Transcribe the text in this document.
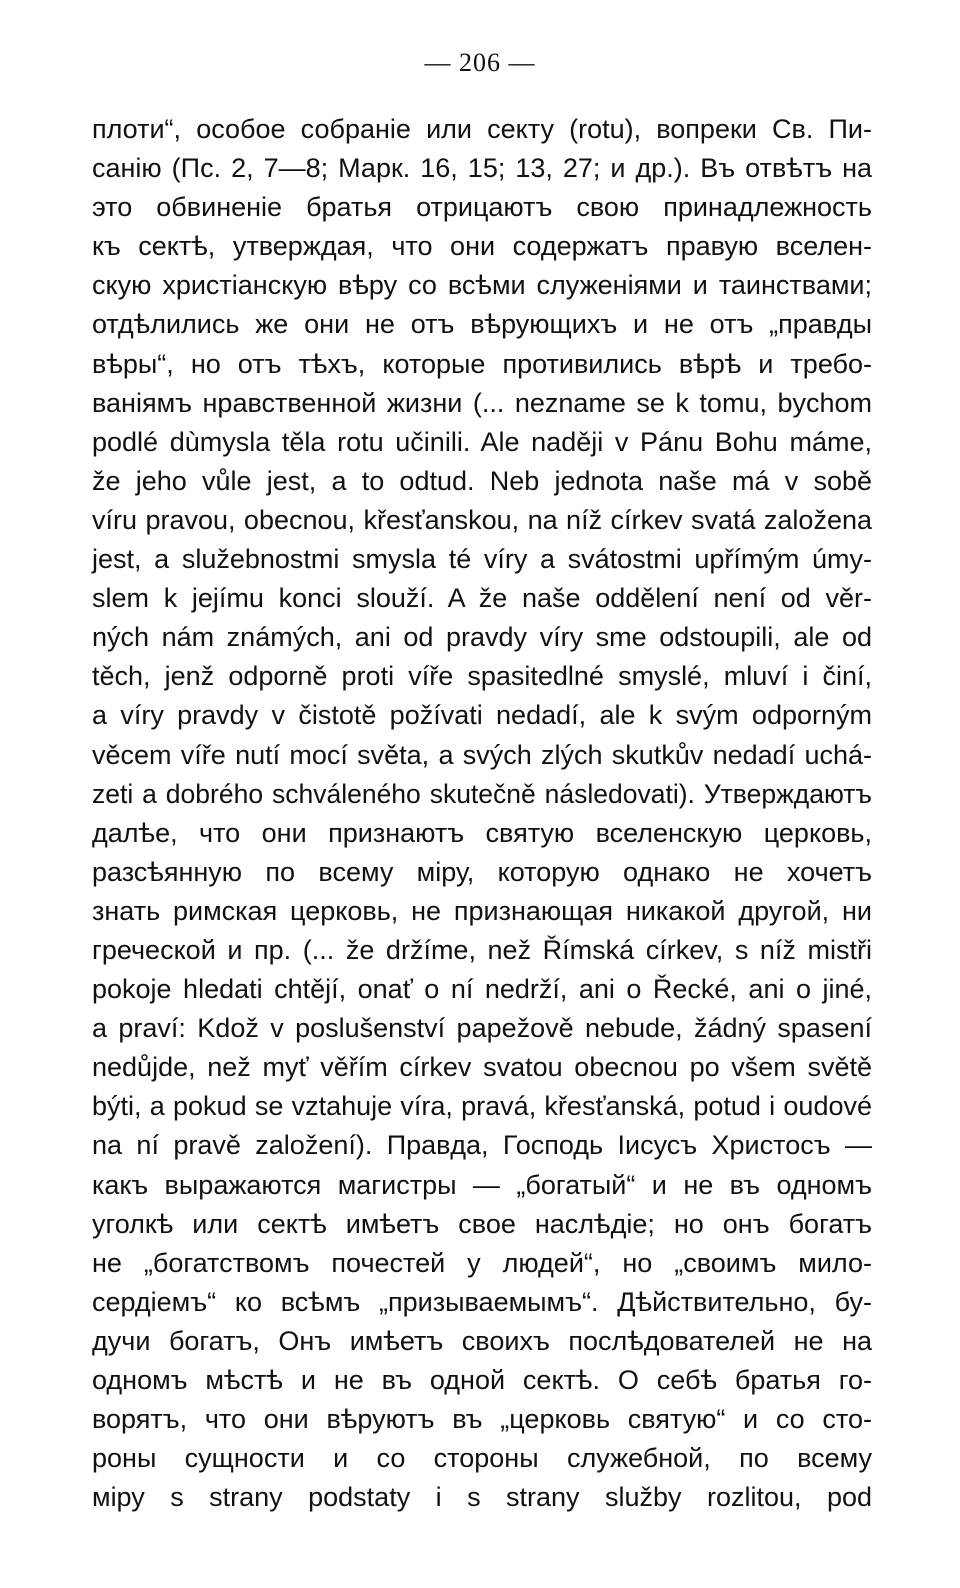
— 206 —
плоти“, особое собраніе или секту (rotu), вопреки Св. Пи-
санію (Пс. 2, 7—8; Марк. 16, 15; 13, 27; и др.). Въ отвѣтъ на
это обвиненіе братья отрицаютъ свою принадлежность
къ сектѣ, утверждая, что они содержатъ правую вселен-
скую христіанскую вѣру со всѣми служеніями и таинствами;
отдѣлились же они не отъ вѣрующихъ и не отъ „правды
вѣры“, но отъ тѣхъ, которые противились вѣрѣ и требо-
ваніямъ нравственной жизни (... nezname se k tomu, bychom
podlé dùmysla těla rotu učinili. Ale naději v Pánu Bohu máme,
že jeho vůle jest, a to odtud. Neb jednota naše má v sobě
víru pravou, obecnou, křesťanskou, na níž církev svatá založena
jest, a služebnostmi smysla té víry a svátostmi upřímým úmy-
slem k jejímu konci slouží. A že naše oddělení není od věr-
ných nám známých, ani od pravdy víry sme odstoupili, ale od
těch, jenž odporně proti víře spasitedlné smyslé, mluví i činí,
a víry pravdy v čistotě požívati nedadí, ale k svým odporným
věcem víře nutí mocí světa, a svých zlých skutkův nedadí uchá-
zeti a dobrého schváleného skutečně následovati). Утверждаютъ
далѣе, что они признаютъ святую вселенскую церковь,
разсѣянную по всему міру, которую однако не хочетъ
знать римская церковь, не признающая никакой другой, ни
греческой и пр. (... že držíme, než Římská církev, s níž mistři
pokoje hledati chtějí, onať o ní nedrží, ani o Řecké, ani o jiné,
a praví: Kdož v poslušenství papežově nebude, žádný spasení
nedůjde, než myť věřím církev svatou obecnou po všem světě
býti, a pokud se vztahuje víra, pravá, křesťanská, potud i oudové
na ní pravě založení). Правда, Господь Іисусъ Христосъ —
какъ выражаются магистры — „богатый“ и не въ одномъ
уголкѣ или сектѣ имѣетъ свое наслѣдіе; но онъ богатъ
не „богатствомъ почестей у людей“, но „своимъ мило-
сердіемъ“ ко всѣмъ „призываемымъ“. Дѣйствительно, бу-
дучи богатъ, Онъ имѣетъ своихъ послѣдователей не на
одномъ мѣстѣ и не въ одной сектѣ. О себѣ братья го-
ворятъ, что они вѣруютъ въ „церковь святую“ и со сто-
роны сущности и со стороны служебной, по всему
міру s strany podstaty i s strany služby rozlitou, pod
